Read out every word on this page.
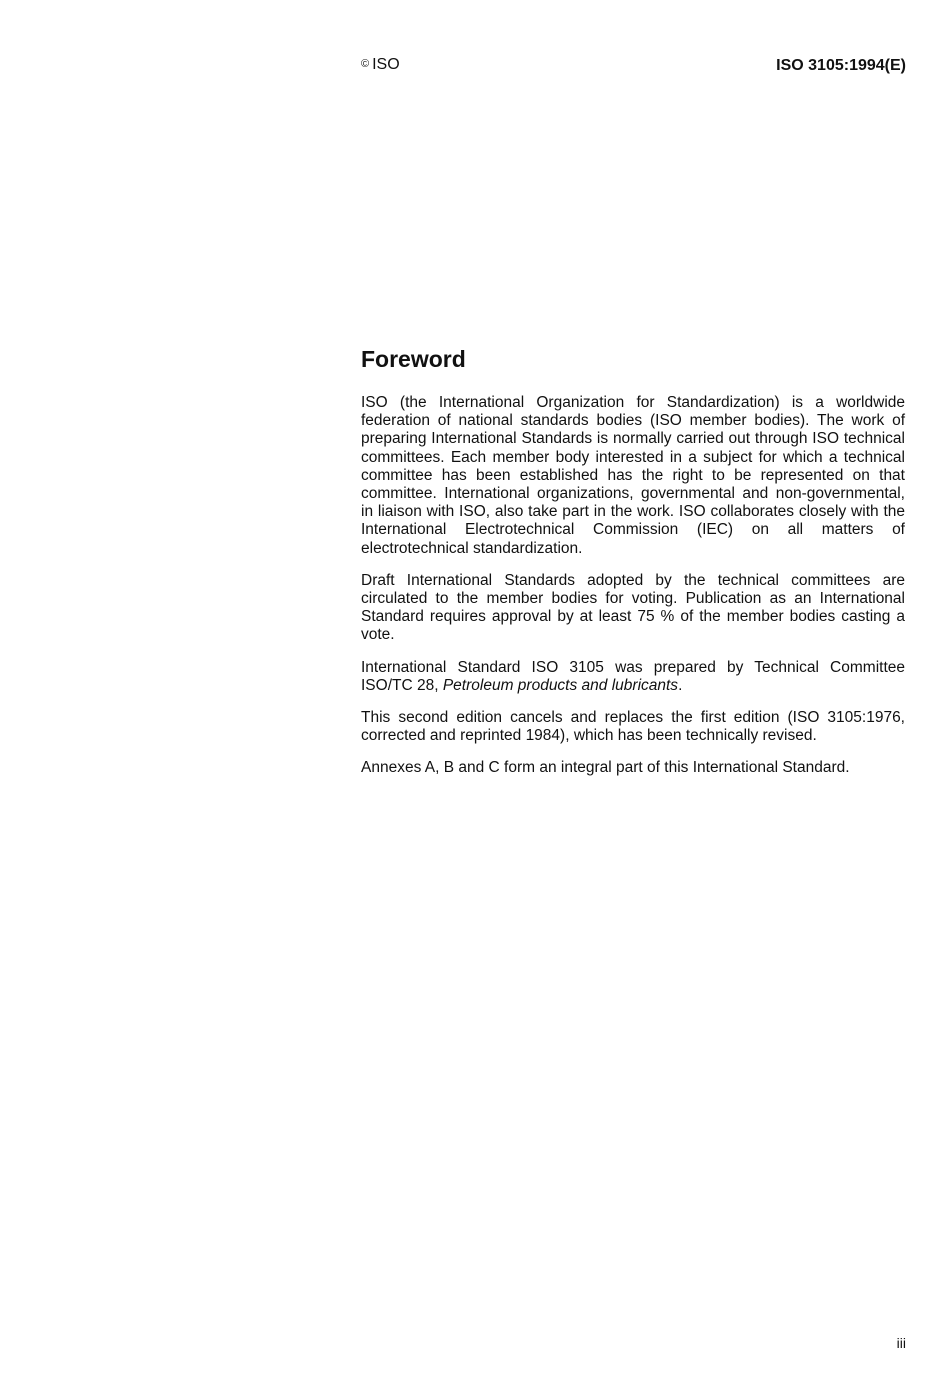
© ISO	ISO 3105:1994(E)
Foreword

ISO (the International Organization for Standardization) is a worldwide federation of national standards bodies (ISO member bodies). The work of preparing International Standards is normally carried out through ISO technical committees. Each member body interested in a subject for which a technical committee has been established has the right to be represented on that committee. International organizations, governmental and non-governmental, in liaison with ISO, also take part in the work. ISO collaborates closely with the International Electrotechnical Commission (IEC) on all matters of electrotechnical standardization.

Draft International Standards adopted by the technical committees are circulated to the member bodies for voting. Publication as an International Standard requires approval by at least 75 % of the member bodies casting a vote.

International Standard ISO 3105 was prepared by Technical Committee ISO/TC 28, Petroleum products and lubricants.

This second edition cancels and replaces the first edition (ISO 3105:1976, corrected and reprinted 1984), which has been technically revised.

Annexes A, B and C form an integral part of this International Standard.

iii
